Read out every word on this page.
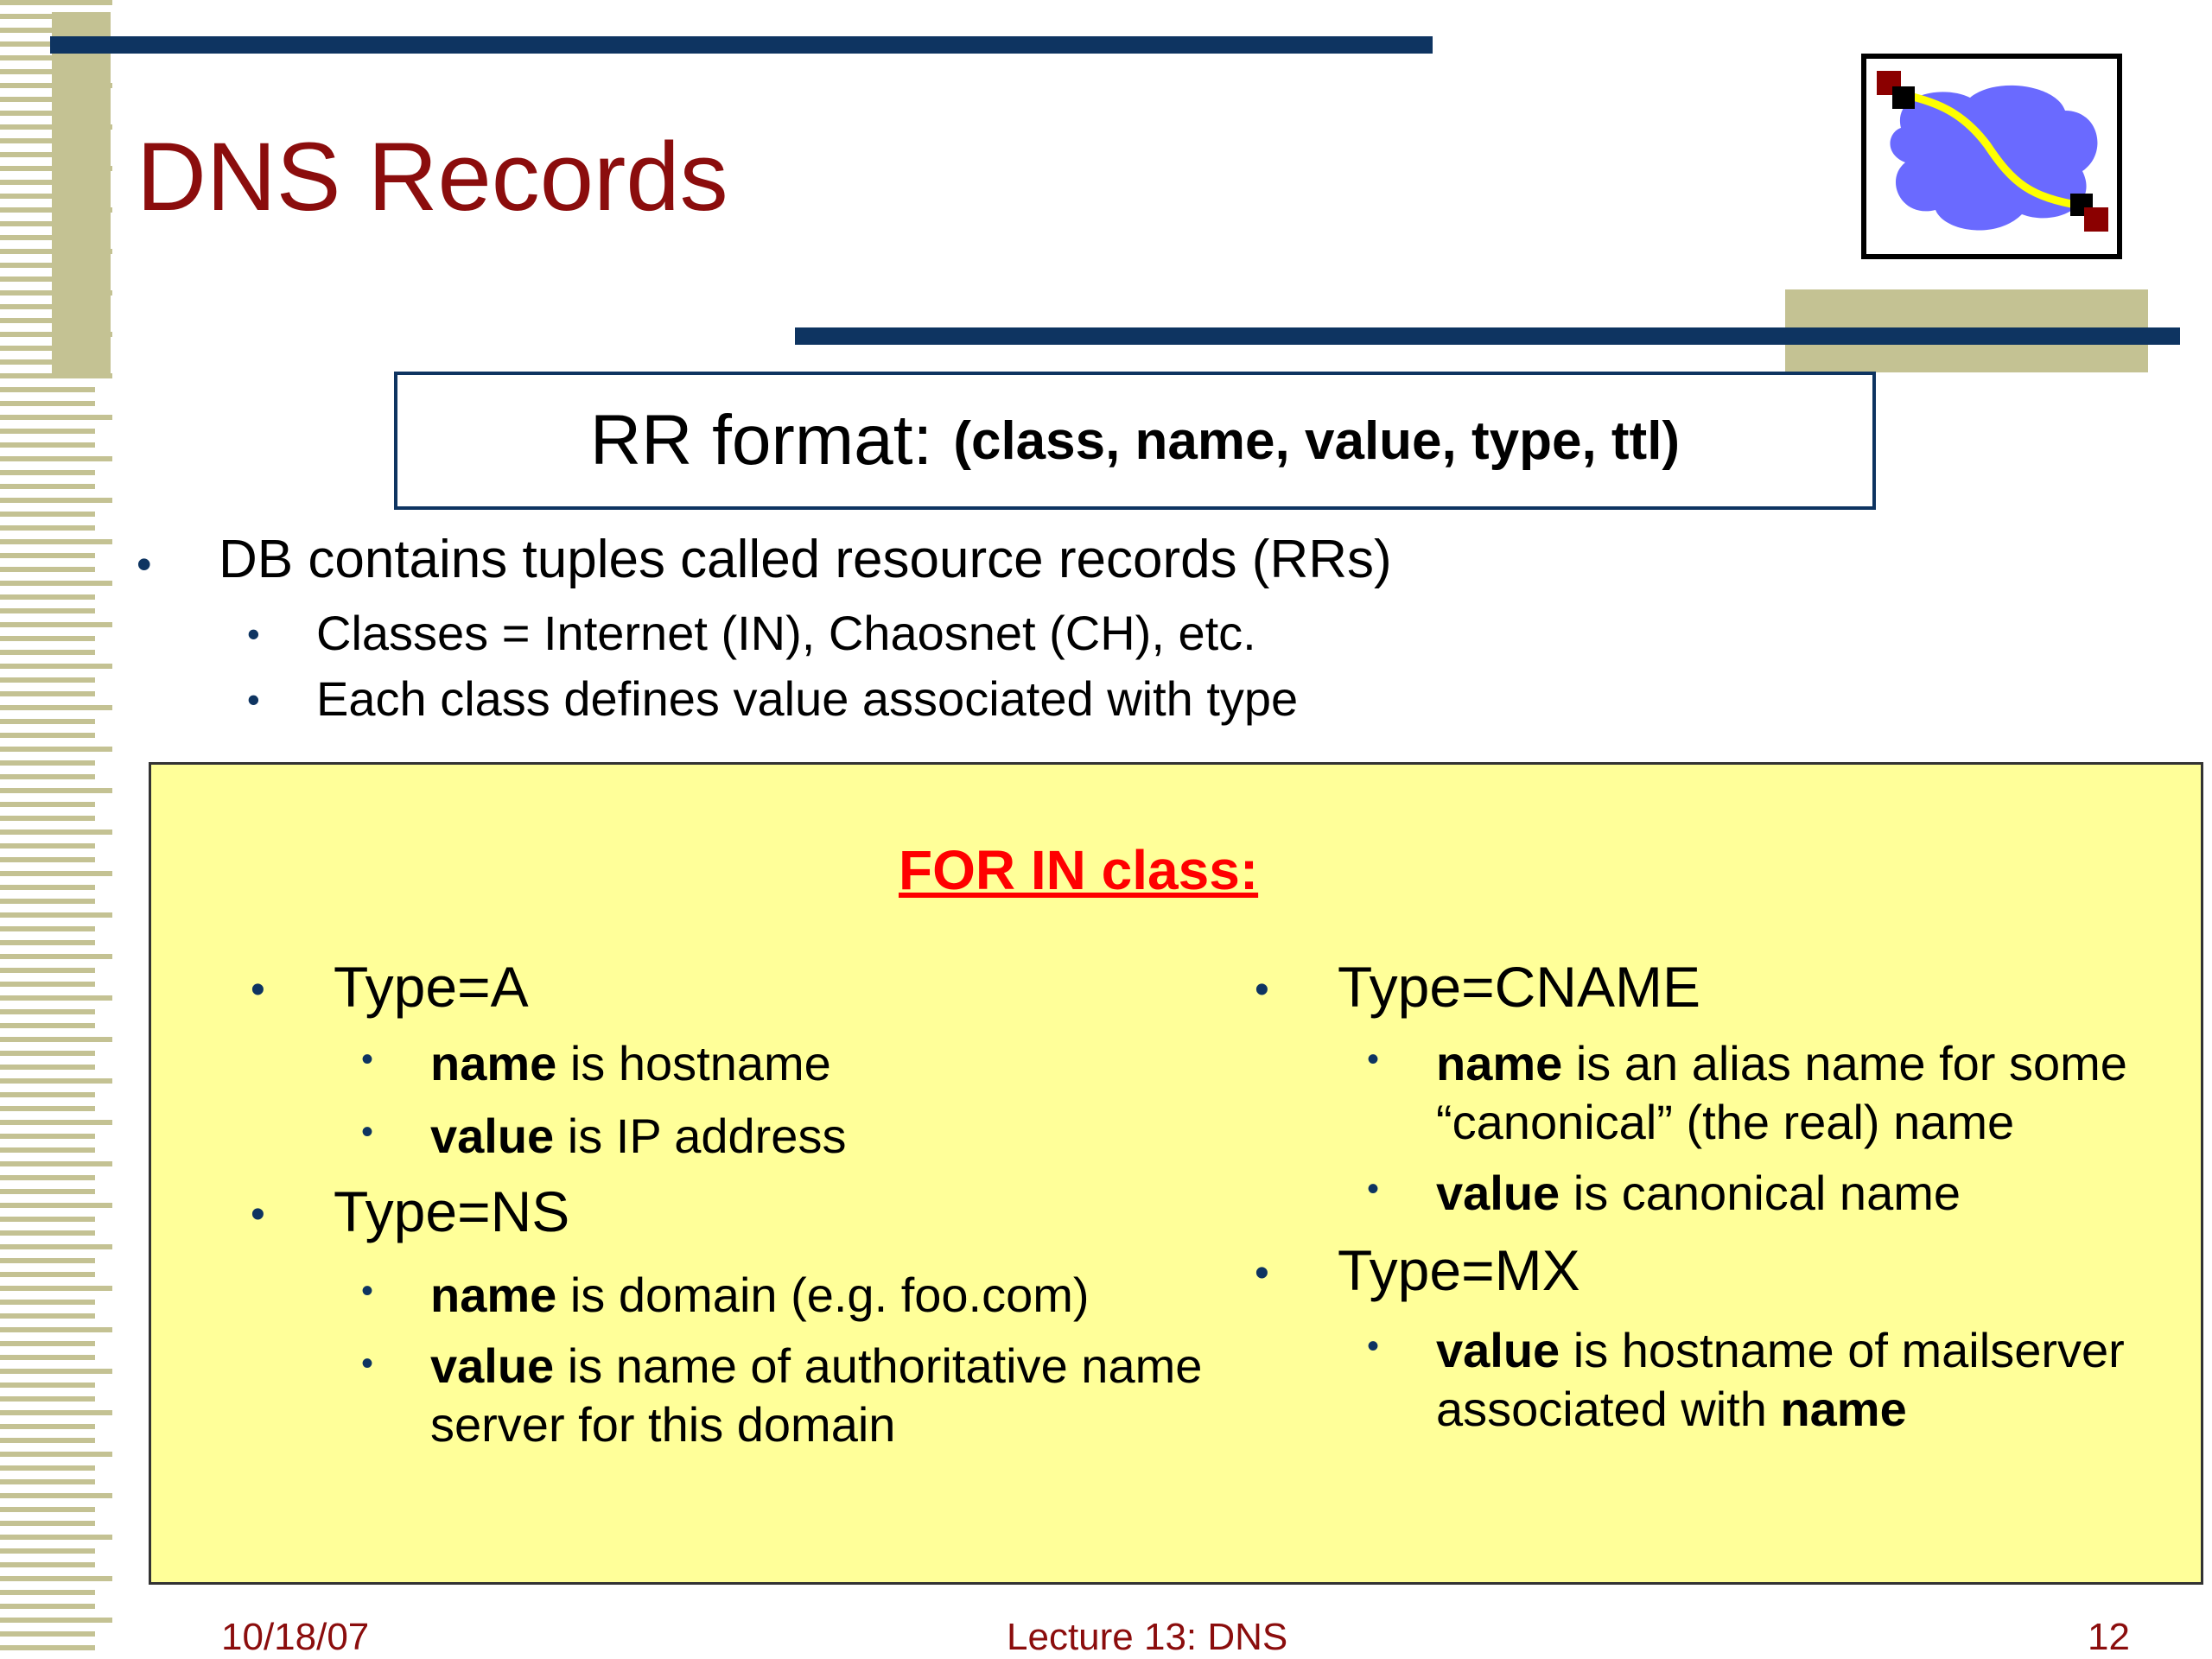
DNS Records
RR format: (class, name, value, type, ttl)
• DB contains tuples called resource records (RRs)
• Classes = Internet (IN), Chaosnet (CH), etc.
• Each class defines value associated with type
FOR IN class:
• Type=A
• name is hostname
• value is IP address
• Type=NS
• name is domain (e.g. foo.com)
• value is name of authoritative name
server for this domain
• Type=CNAME
• name is an alias name for some
“canonical” (the real) name
• value is canonical name
• Type=MX
• value is hostname of mailserver
associated with name
10/18/07	Lecture 13: DNS	12
